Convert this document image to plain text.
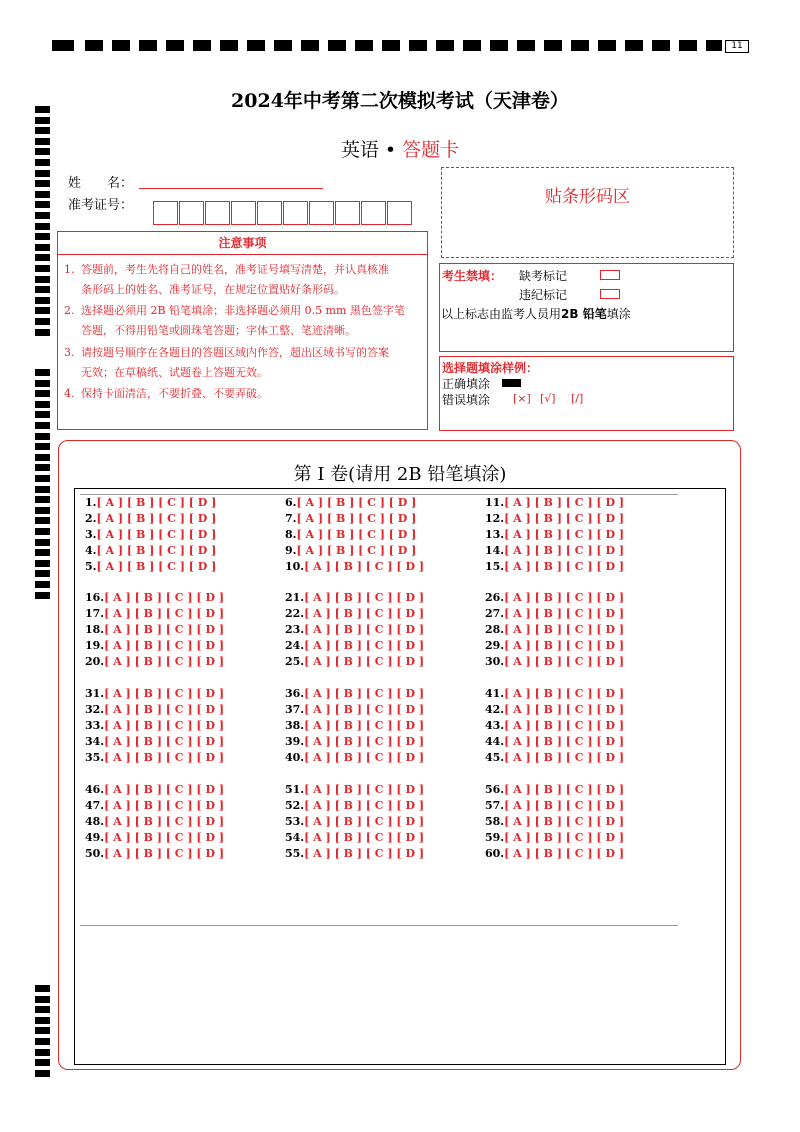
11
2024年中考第二次模拟考试（天津卷）
英语 • 答题卡
姓　　名：
准考证号：
注意事项
1. 答题前，考生先将自己的姓名，准考证号填写清楚，并认真核准
条形码上的姓名、准考证号，在规定位置贴好条形码。
2. 选择题必须用 2B 铅笔填涂；非选择题必须用 0.5 mm 黑色签字笔
答题，不得用铅笔或圆珠笔答题；字体工整、笔迹清晰。
3. 请按题号顺序在各题目的答题区域内作答，超出区域书写的答案
无效；在草稿纸、试题卷上答题无效。
4. 保持卡面清洁，不要折叠、不要弄破。
贴条形码区
考生禁填： 缺考标记
违纪标记
以上标志由监考人员用2B 铅笔填涂
选择题填涂样例：
正确填涂
错误填涂 [×] [√] [/]
第 I 卷(请用 2B 铅笔填涂)
1.[ A ] [ B ] [ C ] [ D ]
2.[ A ] [ B ] [ C ] [ D ]
3.[ A ] [ B ] [ C ] [ D ]
4.[ A ] [ B ] [ C ] [ D ]
5.[ A ] [ B ] [ C ] [ D ]
6.[ A ] [ B ] [ C ] [ D ]
7.[ A ] [ B ] [ C ] [ D ]
8.[ A ] [ B ] [ C ] [ D ]
9.[ A ] [ B ] [ C ] [ D ]
10.[ A ] [ B ] [ C ] [ D ]
11.[ A ] [ B ] [ C ] [ D ]
12.[ A ] [ B ] [ C ] [ D ]
13.[ A ] [ B ] [ C ] [ D ]
14.[ A ] [ B ] [ C ] [ D ]
15.[ A ] [ B ] [ C ] [ D ]
16.[ A ] [ B ] [ C ] [ D ]
17.[ A ] [ B ] [ C ] [ D ]
18.[ A ] [ B ] [ C ] [ D ]
19.[ A ] [ B ] [ C ] [ D ]
20.[ A ] [ B ] [ C ] [ D ]
21.[ A ] [ B ] [ C ] [ D ]
22.[ A ] [ B ] [ C ] [ D ]
23.[ A ] [ B ] [ C ] [ D ]
24.[ A ] [ B ] [ C ] [ D ]
25.[ A ] [ B ] [ C ] [ D ]
26.[ A ] [ B ] [ C ] [ D ]
27.[ A ] [ B ] [ C ] [ D ]
28.[ A ] [ B ] [ C ] [ D ]
29.[ A ] [ B ] [ C ] [ D ]
30.[ A ] [ B ] [ C ] [ D ]
31.[ A ] [ B ] [ C ] [ D ]
32.[ A ] [ B ] [ C ] [ D ]
33.[ A ] [ B ] [ C ] [ D ]
34.[ A ] [ B ] [ C ] [ D ]
35.[ A ] [ B ] [ C ] [ D ]
36.[ A ] [ B ] [ C ] [ D ]
37.[ A ] [ B ] [ C ] [ D ]
38.[ A ] [ B ] [ C ] [ D ]
39.[ A ] [ B ] [ C ] [ D ]
40.[ A ] [ B ] [ C ] [ D ]
41.[ A ] [ B ] [ C ] [ D ]
42.[ A ] [ B ] [ C ] [ D ]
43.[ A ] [ B ] [ C ] [ D ]
44.[ A ] [ B ] [ C ] [ D ]
45.[ A ] [ B ] [ C ] [ D ]
46.[ A ] [ B ] [ C ] [ D ]
47.[ A ] [ B ] [ C ] [ D ]
48.[ A ] [ B ] [ C ] [ D ]
49.[ A ] [ B ] [ C ] [ D ]
50.[ A ] [ B ] [ C ] [ D ]
51.[ A ] [ B ] [ C ] [ D ]
52.[ A ] [ B ] [ C ] [ D ]
53.[ A ] [ B ] [ C ] [ D ]
54.[ A ] [ B ] [ C ] [ D ]
55.[ A ] [ B ] [ C ] [ D ]
56.[ A ] [ B ] [ C ] [ D ]
57.[ A ] [ B ] [ C ] [ D ]
58.[ A ] [ B ] [ C ] [ D ]
59.[ A ] [ B ] [ C ] [ D ]
60.[ A ] [ B ] [ C ] [ D ]
